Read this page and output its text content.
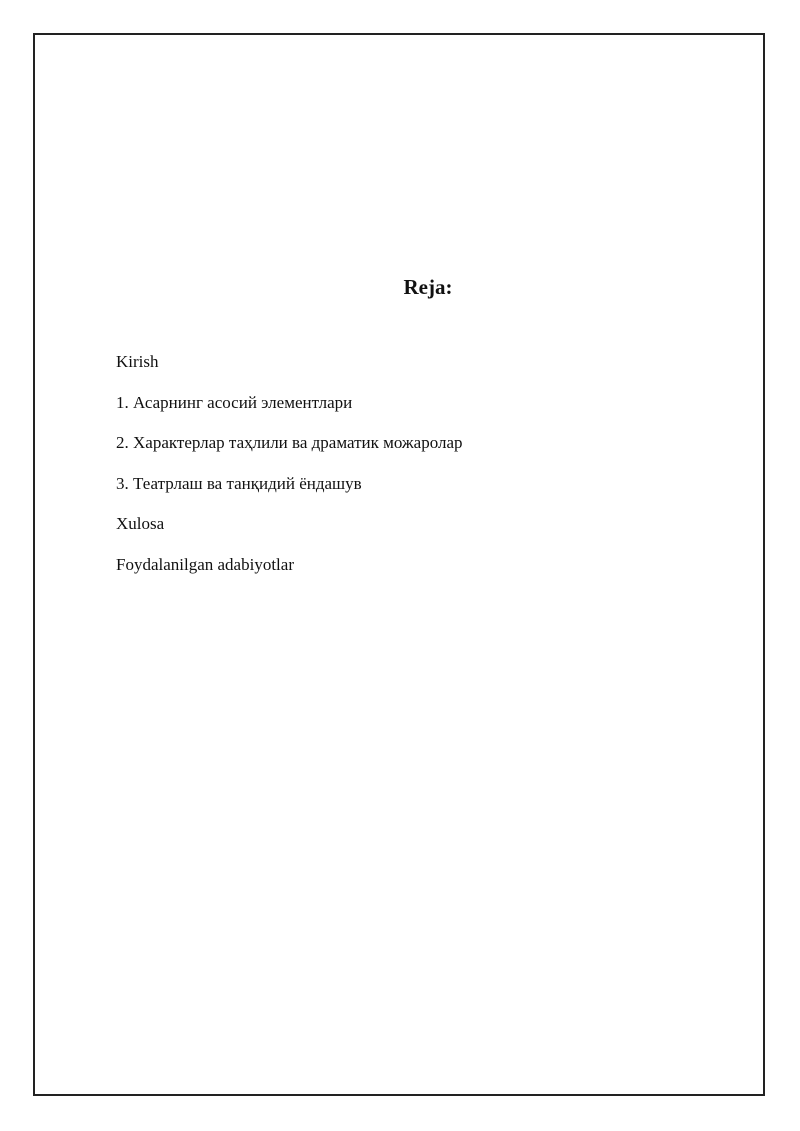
Reja:
Kirish
1. Асарнинг асосий элементлари
2. Характерлар таҳлили ва драматик можаролар
3. Театрлаш ва танқидий ёндашув
Xulosa
Foydalanilgan adabiyotlar
